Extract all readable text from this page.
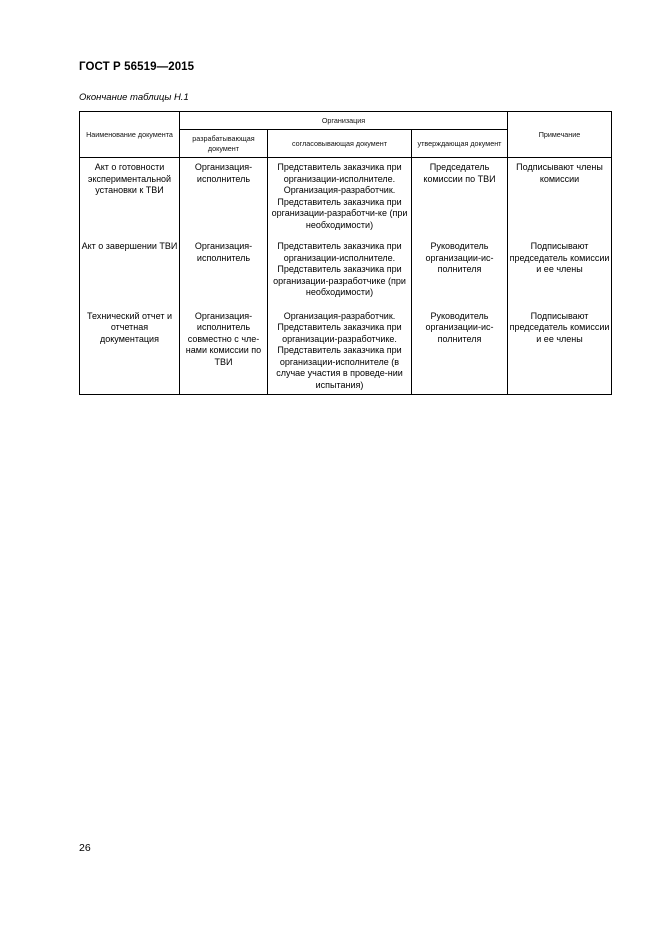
ГОСТ Р 56519—2015
Окончание таблицы Н.1
Наименование документа	Организация			Примечание
	разрабатывающая документ	согласовывающая документ	утверждающая документ	
Акт о готовности экспериментальной установки к ТВИ	Организация-исполнитель	Представитель заказчика при организации-исполнителе. Организация-разработчик. Представитель заказчика при организации-разработчи-ке (при необходимости)	Председатель комиссии по ТВИ	Подписывают члены комиссии
Акт о завершении ТВИ	Организация-исполнитель	Представитель заказчика при организации-исполнителе. Представитель заказчика при организации-разработчике (при необходимости)	Руководитель организации-ис-полнителя	Подписывают председатель комиссии и ее члены
Технический отчет и отчетная документация	Организация-исполнитель совместно с чле-нами комиссии по ТВИ	Организация-разработчик. Представитель заказчика при организации-разработчике. Представитель заказчика при организации-исполнителе (в случае участия в проведе-нии испытания)	Руководитель организации-ис-полнителя	Подписывают председатель комиссии и ее члены
26
